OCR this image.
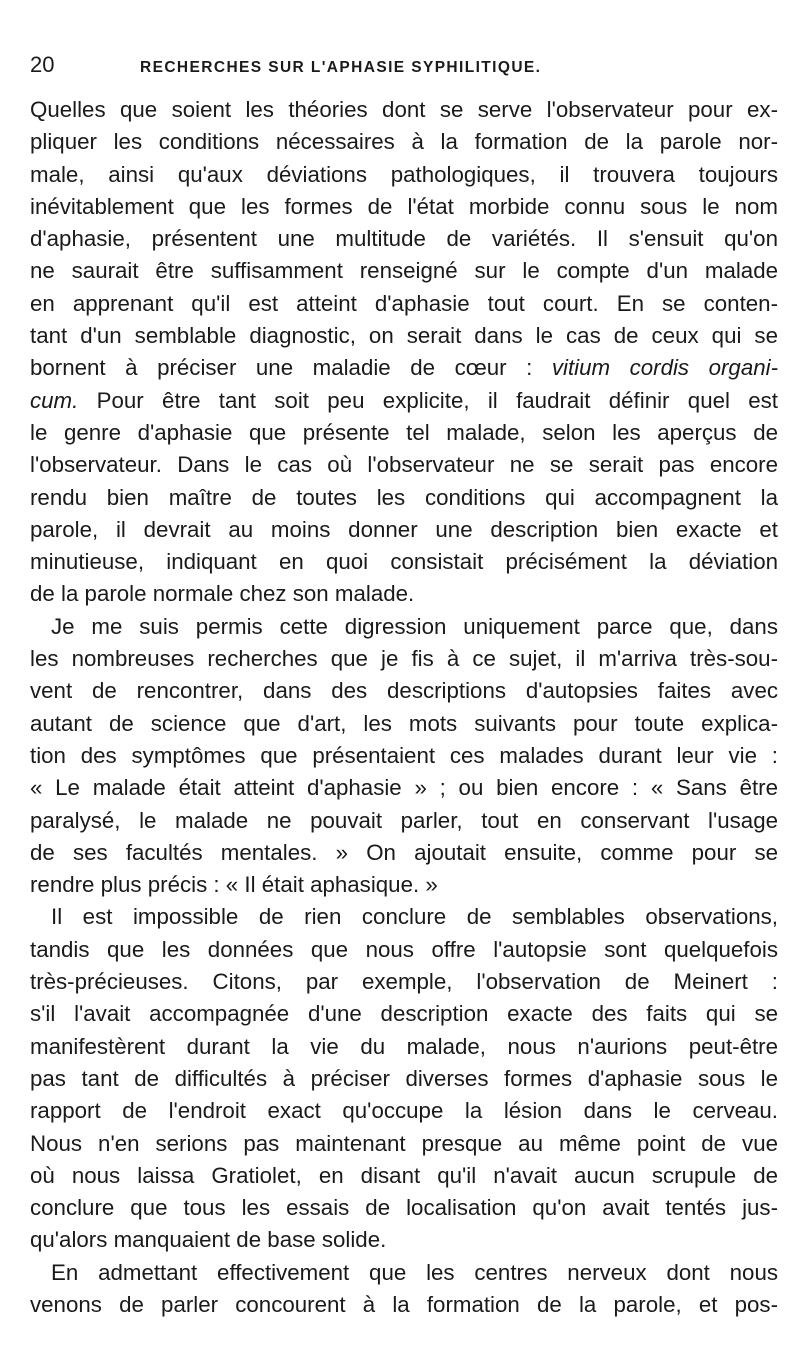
20	RECHERCHES SUR L'APHASIE SYPHILITIQUE.

Quelles que soient les théories dont se serve l'observateur pour ex-
pliquer les conditions nécessaires à la formation de la parole nor-
male, ainsi qu'aux déviations pathologiques, il trouvera toujours
inévitablement que les formes de l'état morbide connu sous le nom
d'aphasie, présentent une multitude de variétés. Il s'ensuit qu'on
ne saurait être suffisamment renseigné sur le compte d'un malade
en apprenant qu'il est atteint d'aphasie tout court. En se conten-
tant d'un semblable diagnostic, on serait dans le cas de ceux qui se
bornent à préciser une maladie de cœur : vitium cordis organi-
cum. Pour être tant soit peu explicite, il faudrait définir quel est
le genre d'aphasie que présente tel malade, selon les aperçus de
l'observateur. Dans le cas où l'observateur ne se serait pas encore
rendu bien maître de toutes les conditions qui accompagnent la
parole, il devrait au moins donner une description bien exacte et
minutieuse, indiquant en quoi consistait précisément la déviation
de la parole normale chez son malade.

Je me suis permis cette digression uniquement parce que, dans
les nombreuses recherches que je fis à ce sujet, il m'arriva très-sou-
vent de rencontrer, dans des descriptions d'autopsies faites avec
autant de science que d'art, les mots suivants pour toute explica-
tion des symptômes que présentaient ces malades durant leur vie :
« Le malade était atteint d'aphasie » ; ou bien encore : « Sans être
paralysé, le malade ne pouvait parler, tout en conservant l'usage
de ses facultés mentales. » On ajoutait ensuite, comme pour se
rendre plus précis : « Il était aphasique. »

Il est impossible de rien conclure de semblables observations,
tandis que les données que nous offre l'autopsie sont quelquefois
très-précieuses. Citons, par exemple, l'observation de Meinert :
s'il l'avait accompagnée d'une description exacte des faits qui se
manifestèrent durant la vie du malade, nous n'aurions peut-être
pas tant de difficultés à préciser diverses formes d'aphasie sous le
rapport de l'endroit exact qu'occupe la lésion dans le cerveau.
Nous n'en serions pas maintenant presque au même point de vue
où nous laissa Gratiolet, en disant qu'il n'avait aucun scrupule de
conclure que tous les essais de localisation qu'on avait tentés jus-
qu'alors manquaient de base solide.

En admettant effectivement que les centres nerveux dont nous
venons de parler concourent à la formation de la parole, et pos-
